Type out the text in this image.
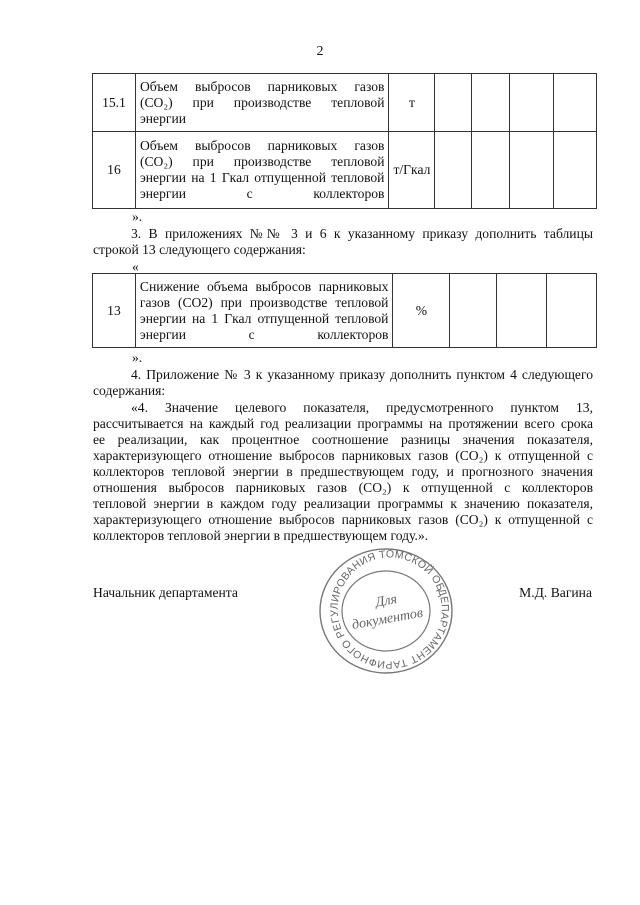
2
15.1	Объем выбросов парниковых газов
(CO₂) при производстве тепловой
энергии	т				
16	Объем выбросов парниковых газов
(CO₂) при производстве тепловой
энергии на 1 Гкал отпущенной тепловой
энергии с коллекторов	т/Гкал				
».
3. В приложениях №№ 3 и 6 к указанному приказу дополнить таблицы
строкой 13 следующего содержания:
«
13	
Снижение объема выбросов парниковых
газов (СО2) при производстве тепловой
энергии на 1 Гкал отпущенной тепловой
энергии с коллекторов
	%			
».
4. Приложение № 3 к указанному приказу дополнить пунктом 4 следующего
содержания:
«4. Значение целевого показателя, предусмотренного пунктом 13,
рассчитывается на каждый год реализации программы на протяжении всего срока
ее реализации, как процентное соотношение разницы значения показателя,
характеризующего отношение выбросов парниковых газов (CO₂) к отпущенной с
коллекторов тепловой энергии в предшествующем году, и прогнозного значения
отношения выбросов парниковых газов (CO₂) к отпущенной с коллекторов
тепловой энергии в каждом году реализации программы к значению показателя,
характеризующего отношение выбросов парниковых газов (CO₂) к отпущенной с
коллекторов тепловой энергии в предшествующем году.».
Начальник департамента	М.Д. Вагина
ДЕПАРТАМЕНТ ТАРИФНОГО РЕГУЛИРОВАНИЯ ТОМСКОЙ ОБЛАСТИ
Для
документов
